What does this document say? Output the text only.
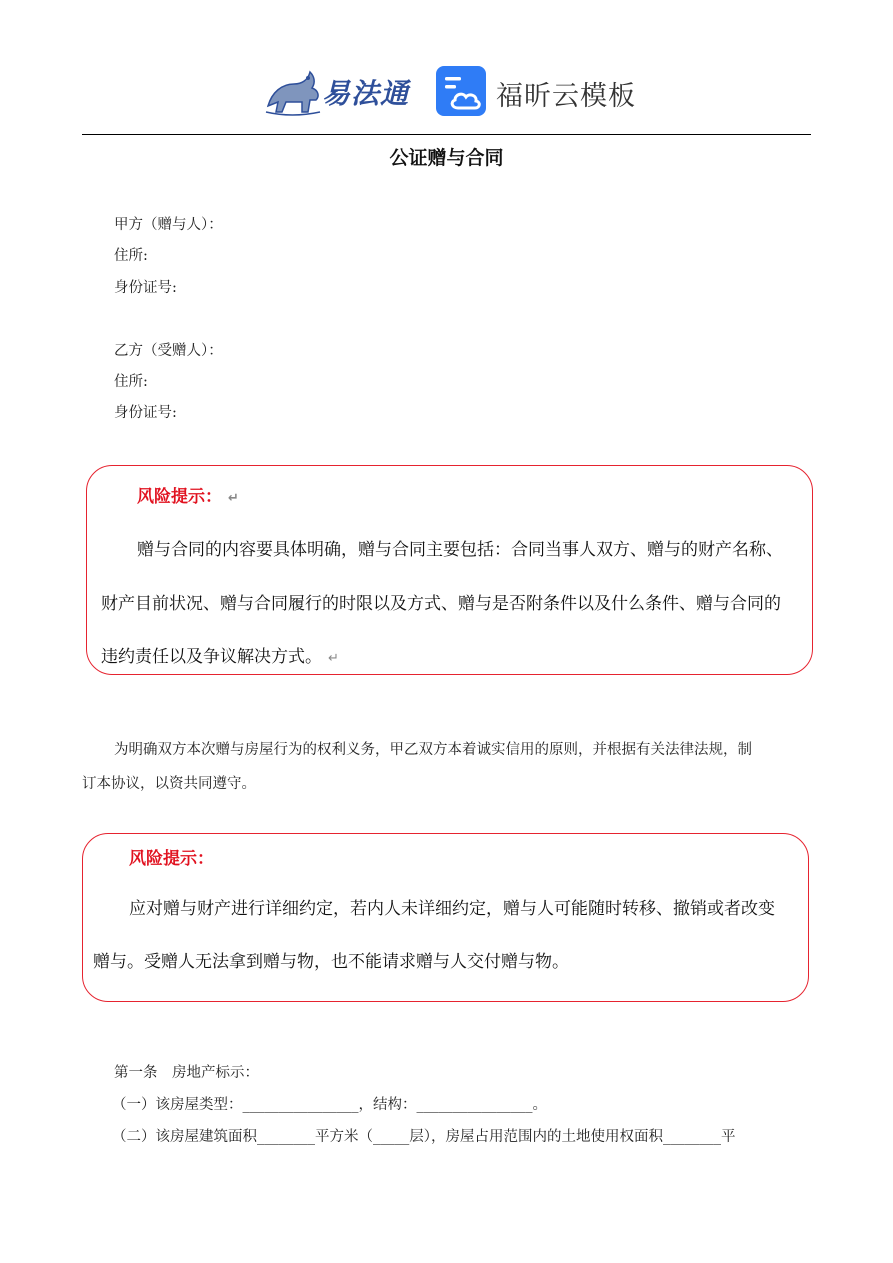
易法通	福昕云模板
公证赠与合同
甲方（赠与人）：
住所:
身份证号:
乙方（受赠人）：
住所:
身份证号:
风险提示： ↵
赠与合同的内容要具体明确，赠与合同主要包括：合同当事人双方、赠与的财产名称、
财产目前状况、赠与合同履行的时限以及方式、赠与是否附条件以及什么条件、赠与合同的
违约责任以及争议解决方式。 ↵
为明确双方本次赠与房屋行为的权利义务，甲乙双方本着诚实信用的原则，并根据有关法律法规，制
订本协议，以资共同遵守。
风险提示：
应对赠与财产进行详细约定，若内人未详细约定，赠与人可能随时转移、撤销或者改变
赠与。受赠人无法拿到赠与物，也不能请求赠与人交付赠与物。
第一条　房地产标示：
（一）该房屋类型：________________，结构：________________。
（二）该房屋建筑面积________平方米（_____层），房屋占用范围内的土地使用权面积________平
